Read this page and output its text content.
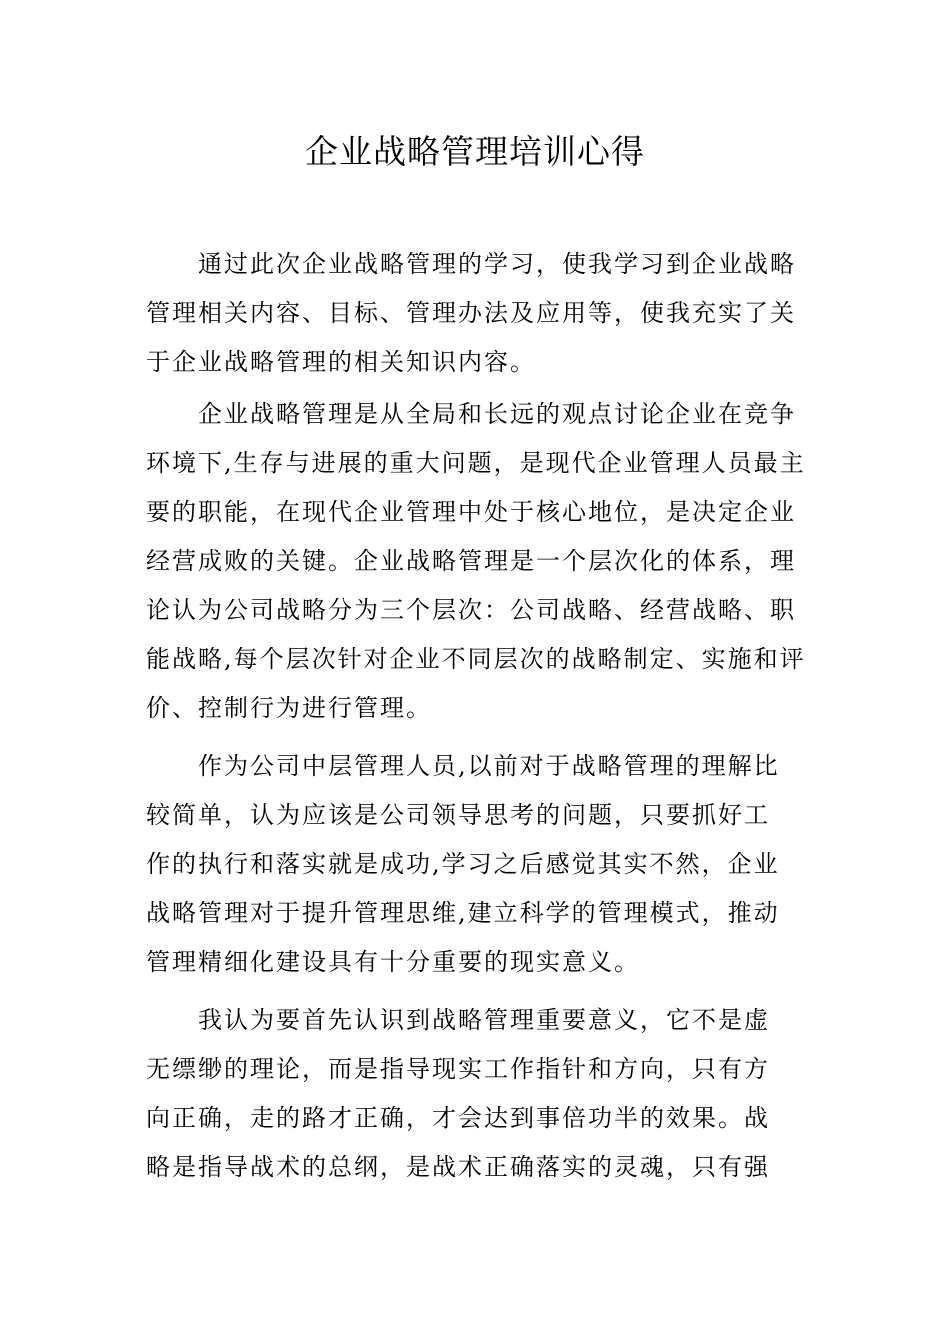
企业战略管理培训心得
通过此次企业战略管理的学习，使我学习到企业战略
管理相关内容、目标、管理办法及应用等，使我充实了关
于企业战略管理的相关知识内容。
企业战略管理是从全局和长远的观点讨论企业在竞争
环境下,生存与进展的重大问题，是现代企业管理人员最主
要的职能，在现代企业管理中处于核心地位，是决定企业
经营成败的关键。企业战略管理是一个层次化的体系，理
论认为公司战略分为三个层次：公司战略、经营战略、职
能战略,每个层次针对企业不同层次的战略制定、实施和评
价、控制行为进行管理。
作为公司中层管理人员,以前对于战略管理的理解比
较简单，认为应该是公司领导思考的问题，只要抓好工
作的执行和落实就是成功,学习之后感觉其实不然，企业
战略管理对于提升管理思维,建立科学的管理模式，推动
管理精细化建设具有十分重要的现实意义。
我认为要首先认识到战略管理重要意义，它不是虚
无缥缈的理论，而是指导现实工作指针和方向，只有方
向正确，走的路才正确，才会达到事倍功半的效果。战
略是指导战术的总纲，是战术正确落实的灵魂，只有强
